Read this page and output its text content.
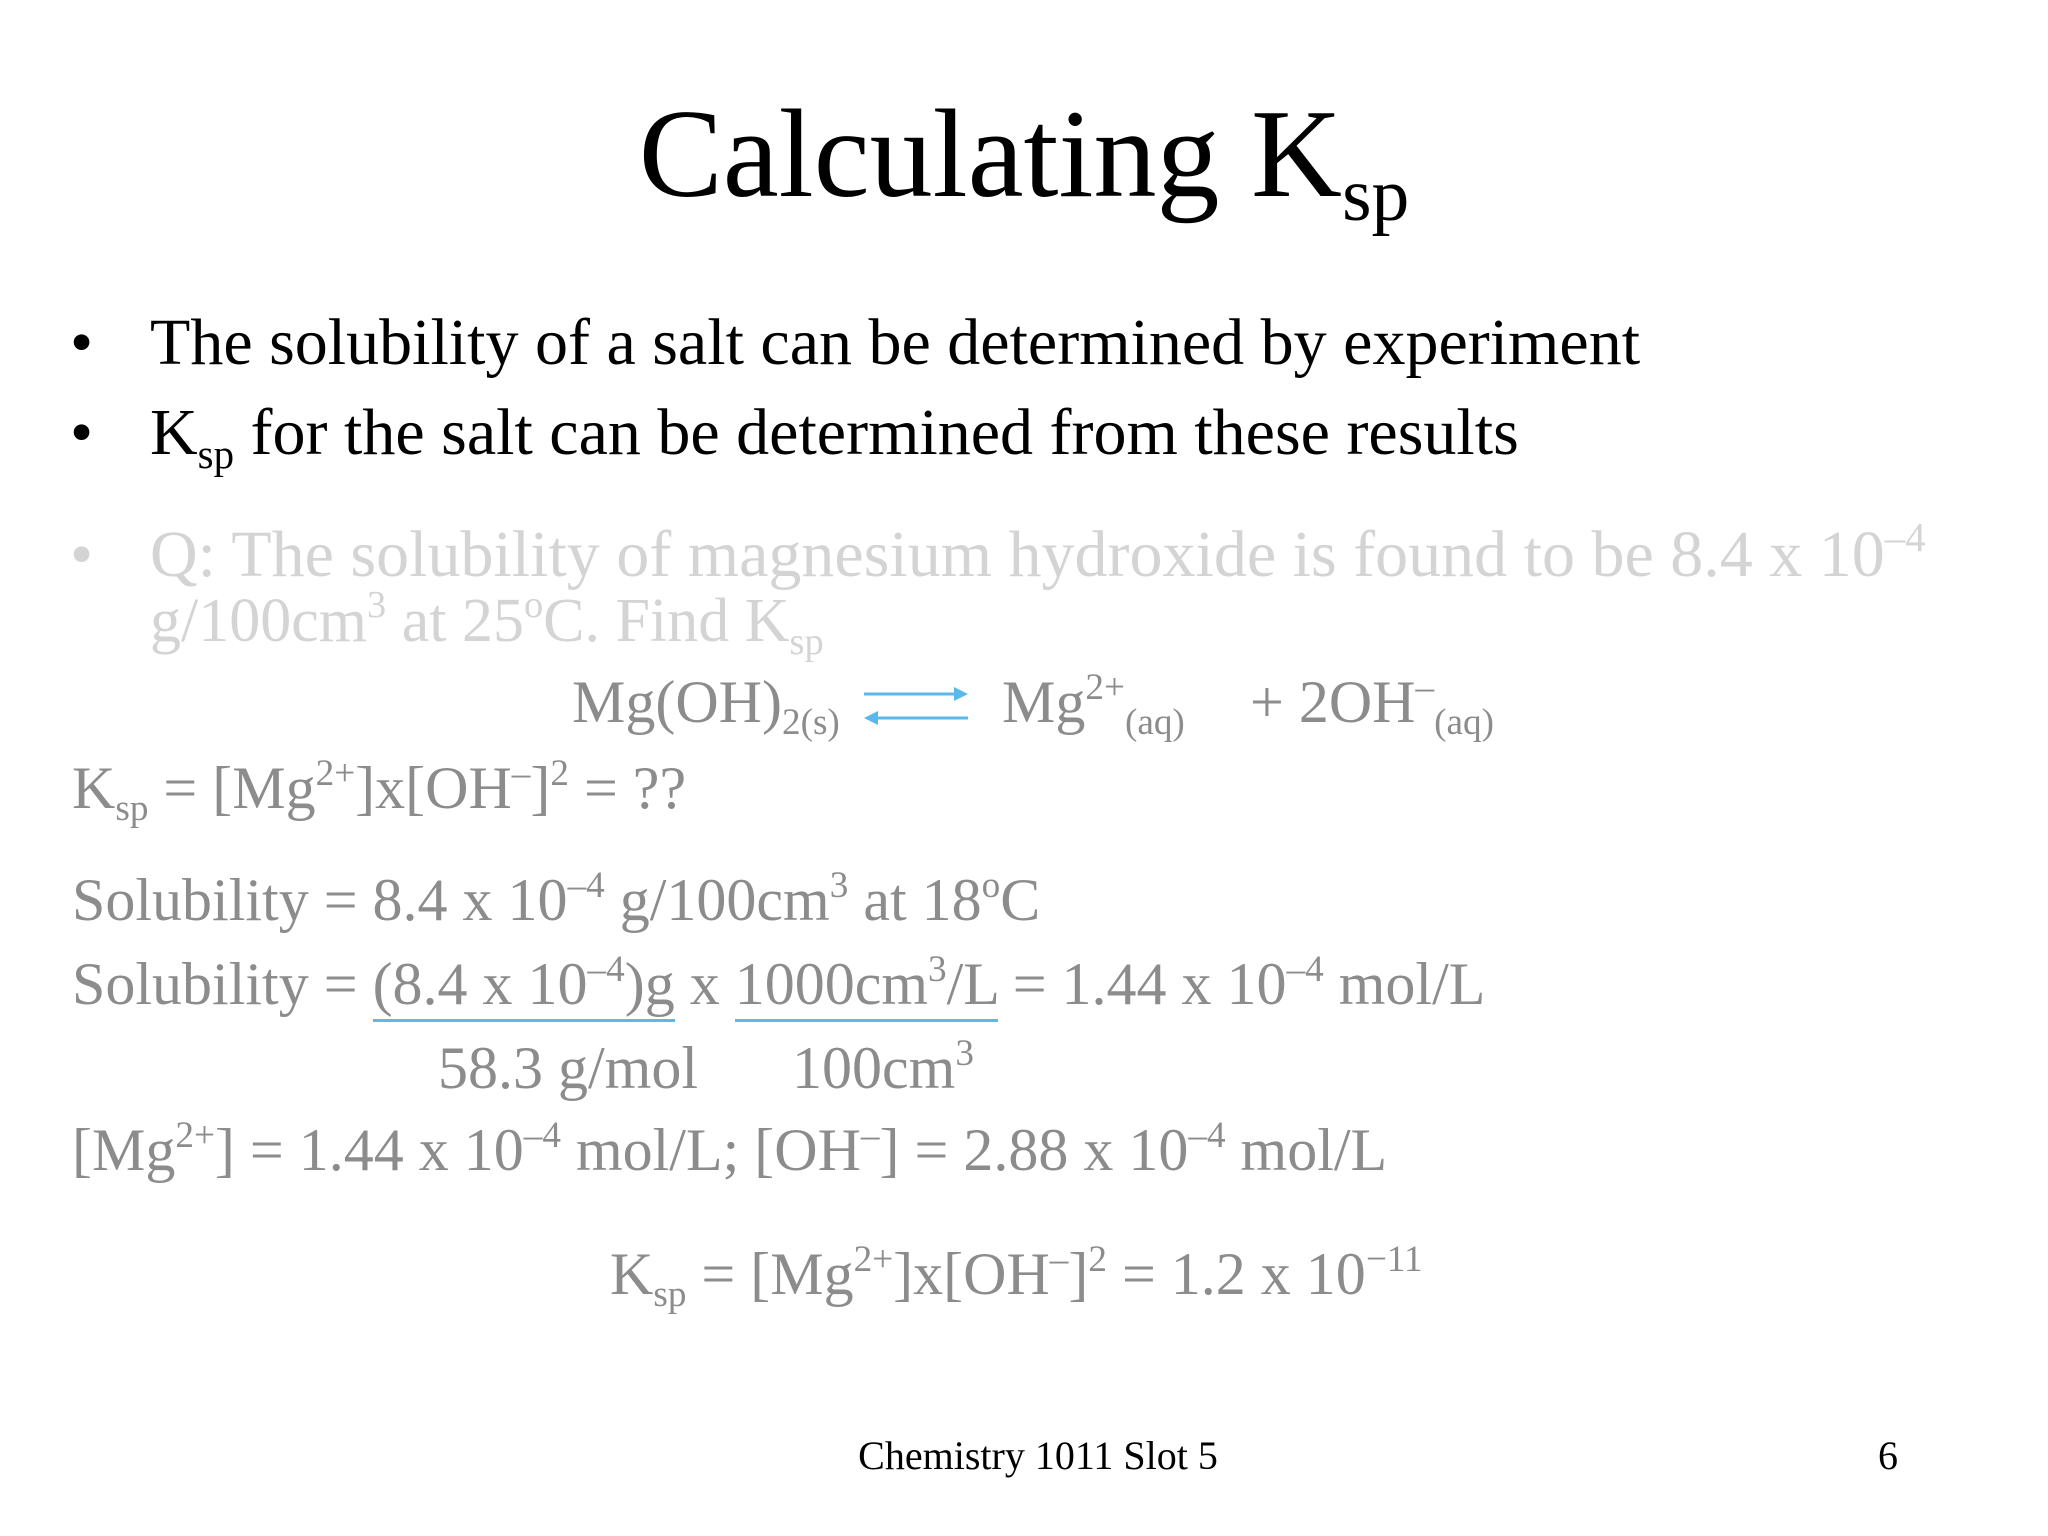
Calculating $K_{sp}$
• The solubility of a salt can be determined by experiment
• $K_{sp}$ for the salt can be determined from these results
• Q: The solubility of magnesium hydroxide is found to be 8.4 x $10^{-4}$
$g/100cm^3$ at 25$^o$C. Find $K_{sp}$
$Mg(OH)_{2(s)}$	$Mg^{2+}_{(aq)} + 2OH^-_{(aq)}$
$K_{sp} = [Mg^{2+}]x[OH^-]^2$ = ??
Solubility = 8.4 x $10^{-4}$ $g/100cm^3$ at 18$^o$C
Solubility = (8.4 x $10^{-4})g$ x $1000cm^3/L = 1.44$ x $10^{-4}$ mol/L
58.3 g/mol $100cm^3$
$[Mg^{2+}] = 1.44$ x $10^{-4}$ mol/L; [OH–] = 2.88 x $10^{-4}$ mol/L
$K_{sp} = [Mg^{2+}]x[OH^-]^2 = 1.2$ x $10^{-11}$
Chemistry 1011 Slot 5	6
